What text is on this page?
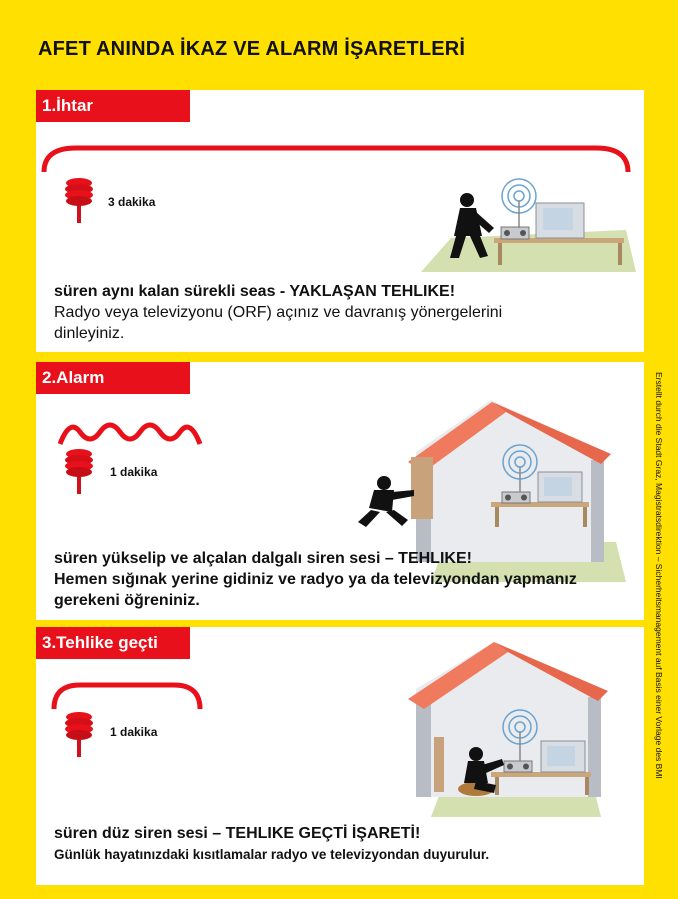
AFET ANINDA İKAZ VE ALARM İŞARETLERİ
1.İhtar
3 dakika
süren aynı kalan sürekli seas - YAKLAŞAN TEHLIKE!
Radyo veya televizyonu (ORF) açınız ve davranış yönergelerini dinleyiniz.
2.Alarm
1 dakika
süren yükselip ve alçalan dalgalı siren sesi – TEHLIKE!
Hemen sığınak yerine gidiniz ve radyo ya da televizyondan yapmanız gerekeni öğreniniz.
3.Tehlike geçti
1 dakika
süren düz siren sesi – TEHLIKE GEÇTİ İŞARETİ!
Günlük hayatınızdaki kısıtlamalar radyo ve televizyondan duyurulur.
Erstellt durch die Stadt Graz, Magistratsdirektion – Sicherheitsmanagement auf Basis einer Vorlage des BMI
